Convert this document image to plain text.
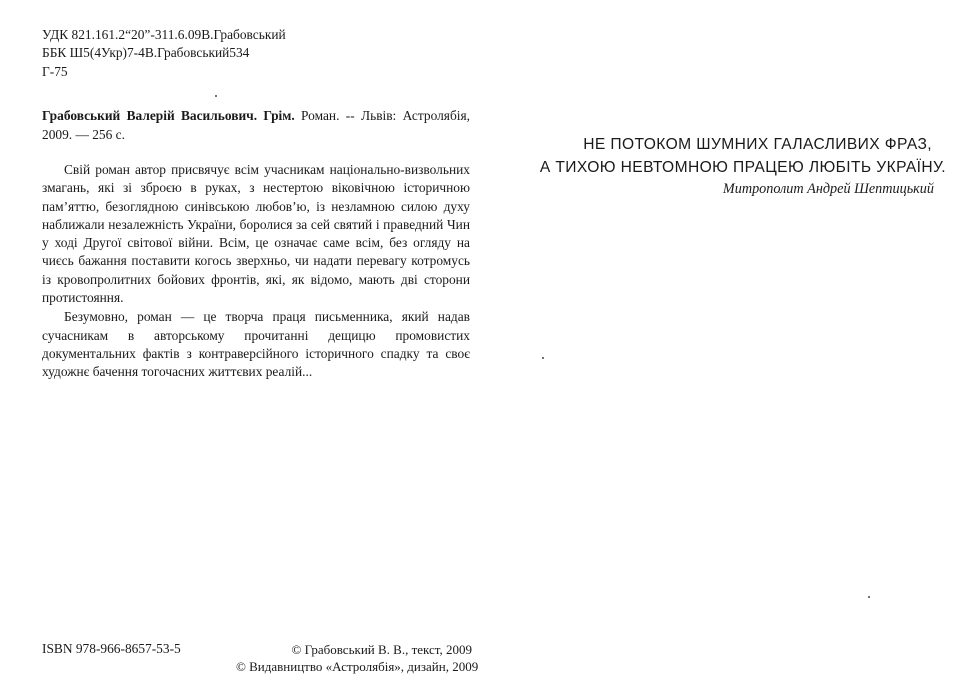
УДК 821.161.2“20”-311.6.09В.Грабовський
ББК Ш5(4Укр)7-4В.Грабовський534
Г-75
Грабовський Валерій Васильович. Грім. Роман. -- Львів: Астролябія, 2009. — 256 с.

Свій роман автор присвячує всім учасникам національно-визвольних змагань, які зі зброєю в руках, з нестертою віковічною історичною пам’яттю, безоглядною синівською любов’ю, із незламною силою духу наближали незалежність України, боролися за сей святий і праведний Чин у ході Другої світової війни. Всім, це означає саме всім, без огляду на чиєсь бажання поставити когось зверхньо, чи надати перевагу котромусь із кровопролитних бойових фронтів, які, як відомо, мають дві сторони протистояння.

Безумовно, роман — це творча праця письменника, який надав сучасникам в авторському прочитанні дещицю промовистих документальних фактів з контраверсійного історичного спадку та своє художнє бачення тогочасних життєвих реалій...

ISBN 978-966-8657-53-5	© Грабовський В. В., текст, 2009
© Видавництво «Астролябія», дизайн, 2009
НЕ ПОТОКОМ ШУМНИХ ГАЛАСЛИВИХ ФРАЗ,
А ТИХОЮ НЕВТОМНОЮ ПРАЦЕЮ ЛЮБІТЬ УКРАЇНУ.
Митрополит Андрей Шептицький
